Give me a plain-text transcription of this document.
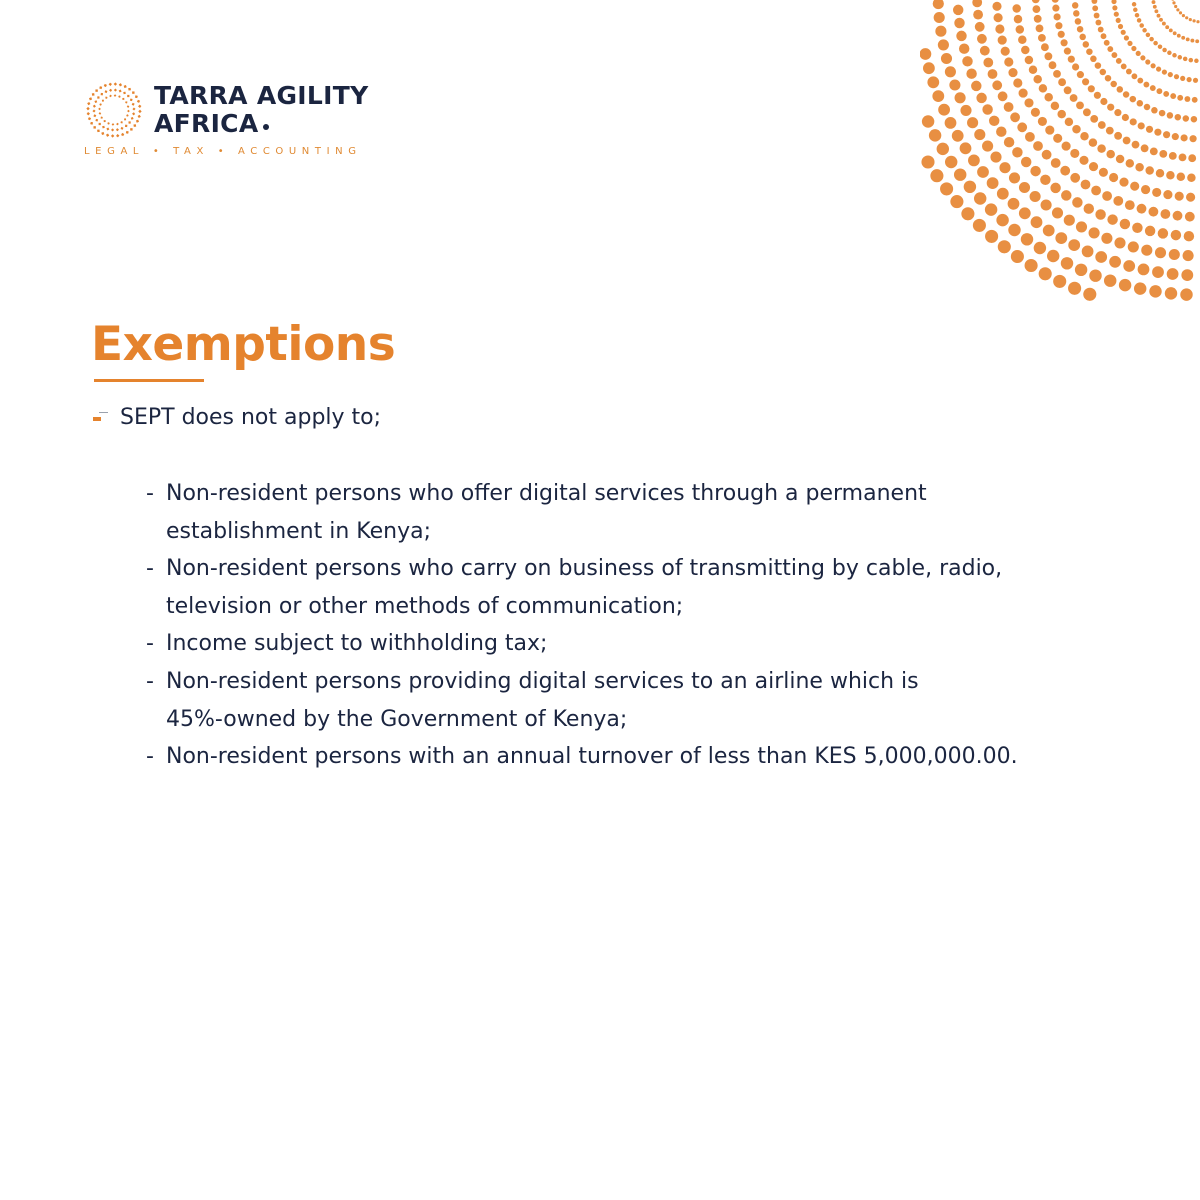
TARRA AGILITY
AFRICA
LEGAL • TAX • ACCOUNTING
Exemptions
SEPT does not apply to;
- Non-resident persons who offer digital services through a permanent
establishment in Kenya;
- Non-resident persons who carry on business of transmitting by cable, radio,
television or other methods of communication;
- Income subject to withholding tax;
- Non-resident persons providing digital services to an airline which is
45%-owned by the Government of Kenya;
- Non-resident persons with an annual turnover of less than KES 5,000,000.00.
